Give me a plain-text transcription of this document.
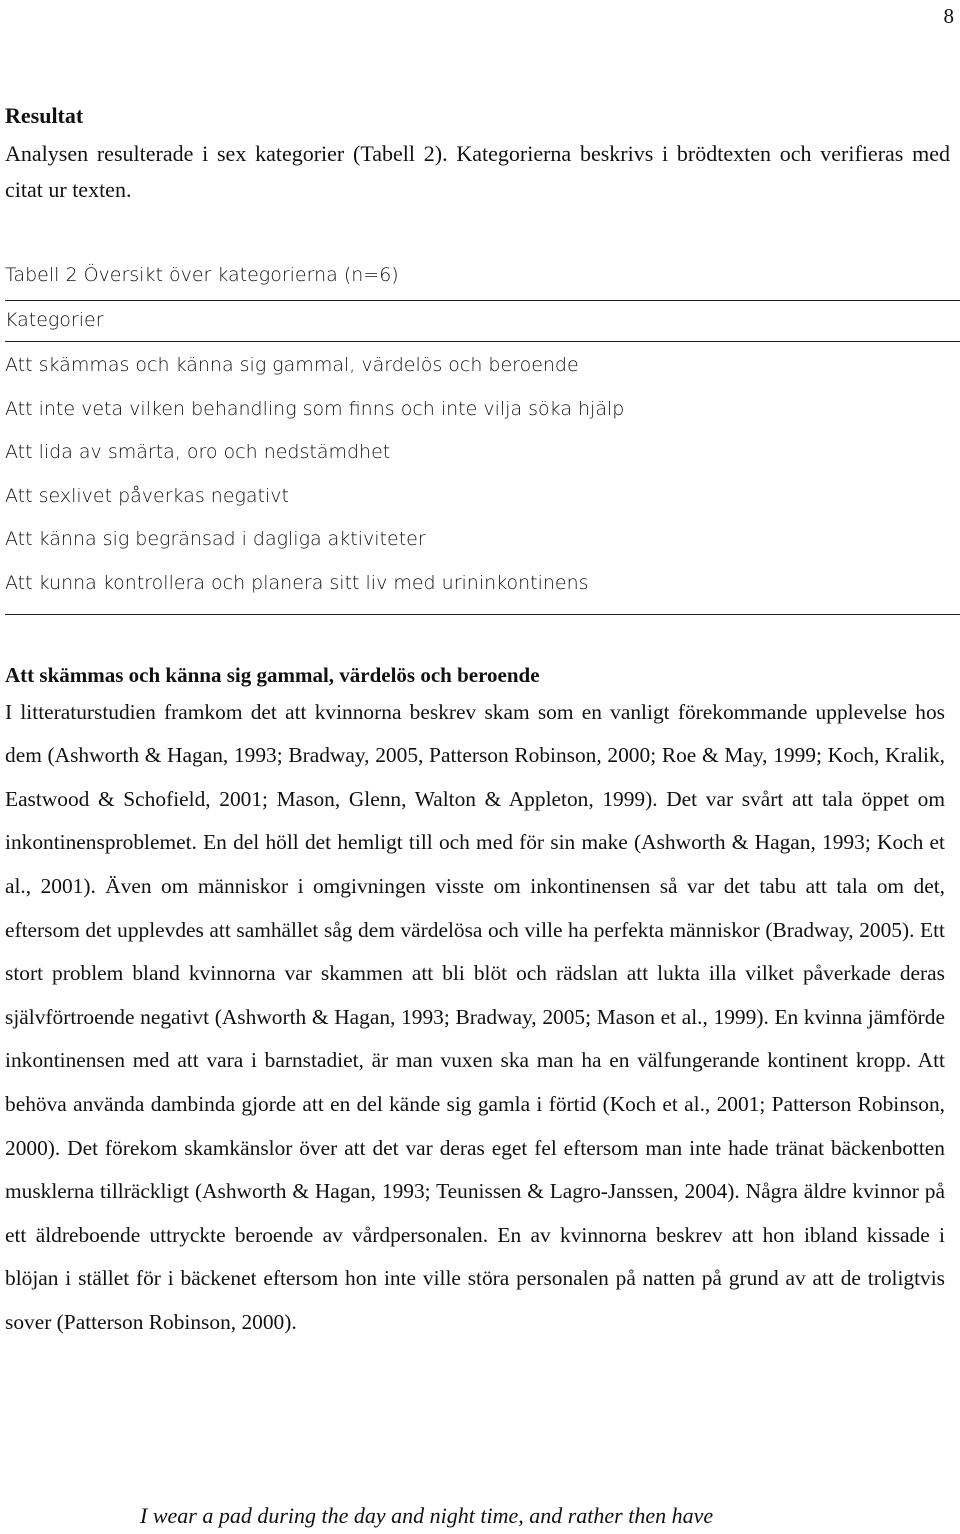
8
Resultat

Analysen resulterade i sex kategorier (Tabell 2). Kategorierna beskrivs i brödtexten och verifieras med citat ur texten.

Tabell 2 Översikt över kategorierna (n=6)

Kategorier
Att skämmas och känna sig gammal, värdelös och beroende
Att inte veta vilken behandling som finns och inte vilja söka hjälp
Att lida av smärta, oro och nedstämdhet
Att sexlivet påverkas negativt
Att känna sig begränsad i dagliga aktiviteter
Att kunna kontrollera och planera sitt liv med urininkontinens
Att skämmas och känna sig gammal, värdelös och beroende

I litteraturstudien framkom det att kvinnorna beskrev skam som en vanligt förekommande upplevelse hos dem (Ashworth & Hagan, 1993; Bradway, 2005, Patterson Robinson, 2000; Roe & May, 1999; Koch, Kralik, Eastwood & Schofield, 2001; Mason, Glenn, Walton & Appleton, 1999). Det var svårt att tala öppet om inkontinensproblemet. En del höll det hemligt till och med för sin make (Ashworth & Hagan, 1993; Koch et al., 2001). Även om människor i omgivningen visste om inkontinensen så var det tabu att tala om det, eftersom det upplevdes att samhället såg dem värdelösa och ville ha perfekta människor (Bradway, 2005). Ett stort problem bland kvinnorna var skammen att bli blöt och rädslan att lukta illa vilket påverkade deras självförtroende negativt (Ashworth & Hagan, 1993; Bradway, 2005; Mason et al., 1999). En kvinna jämförde inkontinensen med att vara i barnstadiet, är man vuxen ska man ha en välfungerande kontinent kropp. Att behöva använda dambinda gjorde att en del kände sig gamla i förtid (Koch et al., 2001; Patterson Robinson, 2000). Det förekom skamkänslor över att det var deras eget fel eftersom man inte hade tränat bäckenbotten musklerna tillräckligt (Ashworth & Hagan, 1993; Teunissen & Lagro-Janssen, 2004). Några äldre kvinnor på ett äldreboende uttryckte beroende av vårdpersonalen. En av kvinnorna beskrev att hon ibland kissade i blöjan i stället för i bäckenet eftersom hon inte ville störa personalen på natten på grund av att de troligtvis sover (Patterson Robinson, 2000).

I wear a pad during the day and night time, and rather then have
